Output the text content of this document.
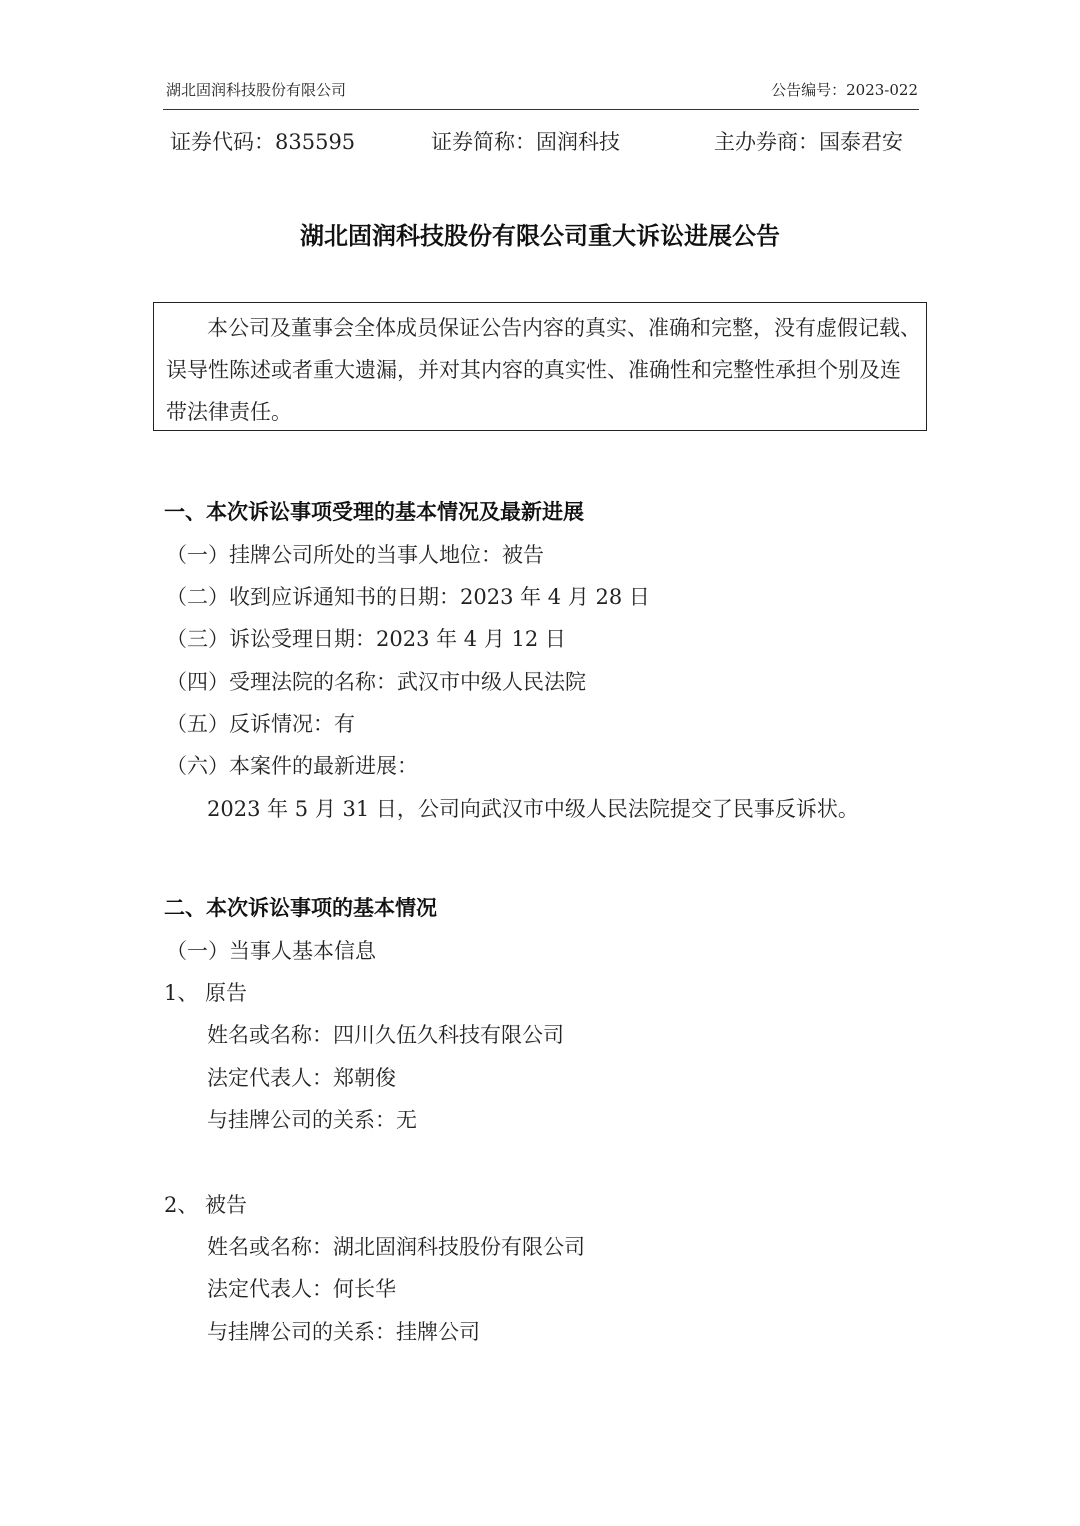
湖北固润科技股份有限公司	公告编号：2023-022
证券代码：835595	证券简称：固润科技	主办券商：国泰君安
湖北固润科技股份有限公司重大诉讼进展公告
本公司及董事会全体成员保证公告内容的真实、准确和完整，没有虚假记载、
误导性陈述或者重大遗漏，并对其内容的真实性、准确性和完整性承担个别及连
带法律责任。
一、本次诉讼事项受理的基本情况及最新进展
（一）挂牌公司所处的当事人地位：被告
（二）收到应诉通知书的日期：2023 年 4 月 28 日
（三）诉讼受理日期：2023 年 4 月 12 日
（四）受理法院的名称：武汉市中级人民法院
（五）反诉情况：有
（六）本案件的最新进展：
2023 年 5 月 31 日，公司向武汉市中级人民法院提交了民事反诉状。
二、本次诉讼事项的基本情况
（一）当事人基本信息
1、 原告
姓名或名称：四川久伍久科技有限公司
法定代表人：郑朝俊
与挂牌公司的关系：无
2、 被告
姓名或名称：湖北固润科技股份有限公司
法定代表人：何长华
与挂牌公司的关系：挂牌公司
